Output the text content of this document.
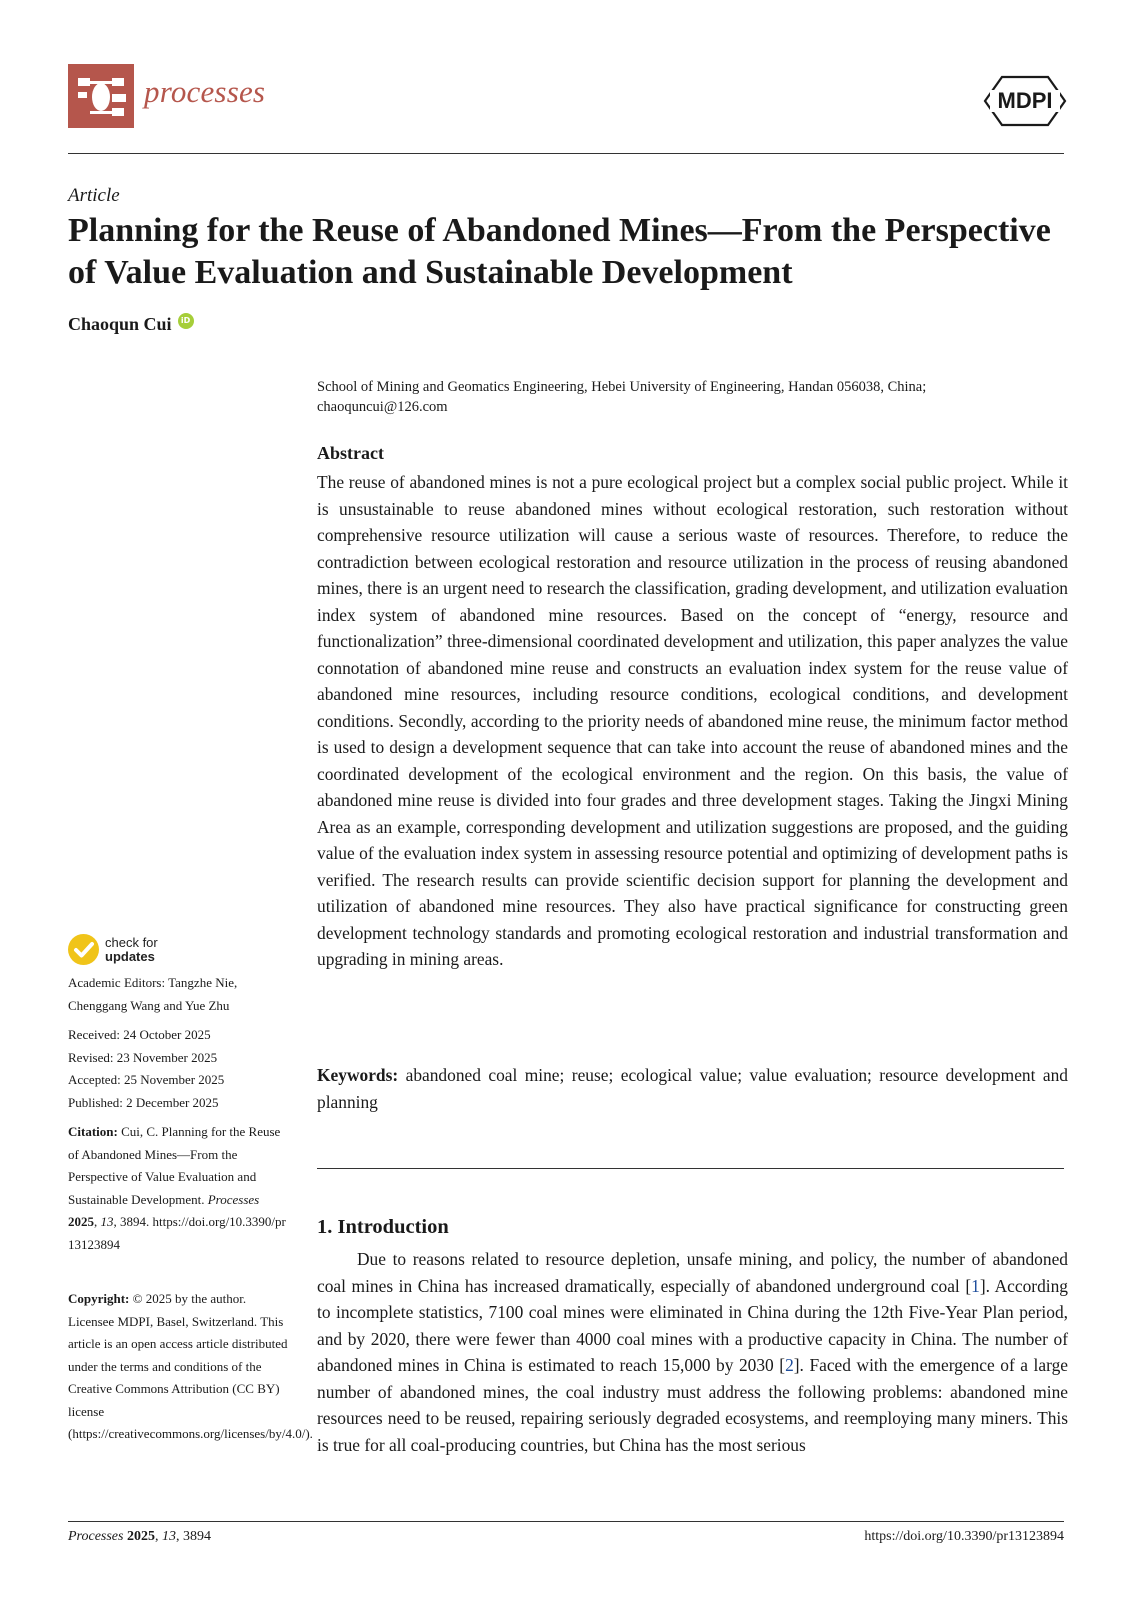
processes	MDPI
Article
Planning for the Reuse of Abandoned Mines—From the Perspective of Value Evaluation and Sustainable Development
Chaoqun Cui	iD
School of Mining and Geomatics Engineering, Hebei University of Engineering, Handan 056038, China;
chaoquncui@126.com
Abstract

The reuse of abandoned mines is not a pure ecological project but a complex social public project. While it is unsustainable to reuse abandoned mines without ecological restoration, such restoration without comprehensive resource utilization will cause a serious waste of resources. Therefore, to reduce the contradiction between ecological restoration and resource utilization in the process of reusing abandoned mines, there is an urgent need to research the classification, grading development, and utilization evaluation index system of abandoned mine resources. Based on the concept of “energy, resource and functionalization” three-dimensional coordinated development and utilization, this paper analyzes the value connotation of abandoned mine reuse and constructs an evaluation index system for the reuse value of abandoned mine resources, including resource conditions, ecological conditions, and development conditions. Secondly, according to the priority needs of abandoned mine reuse, the minimum factor method is used to design a development sequence that can take into account the reuse of abandoned mines and the coordinated development of the ecological environment and the region. On this basis, the value of abandoned mine reuse is divided into four grades and three development stages. Taking the Jingxi Mining Area as an example, corresponding development and utilization suggestions are proposed, and the guiding value of the evaluation index system in assessing resource potential and optimizing of development paths is verified. The research results can provide scientific decision support for planning the development and utilization of abandoned mine resources. They also have practical significance for constructing green development technology standards and promoting ecological restoration and industrial transformation and upgrading in mining areas.

Keywords: abandoned coal mine; reuse; ecological value; value evaluation; resource development and planning
1. Introduction

Due to reasons related to resource depletion, unsafe mining, and policy, the number of abandoned coal mines in China has increased dramatically, especially of abandoned underground coal [1]. According to incomplete statistics, 7100 coal mines were eliminated in China during the 12th Five-Year Plan period, and by 2020, there were fewer than 4000 coal mines with a productive capacity in China. The number of abandoned mines in China is estimated to reach 15,000 by 2030 [2]. Faced with the emergence of a large number of abandoned mines, the coal industry must address the following problems: abandoned mine resources need to be reused, repairing seriously degraded ecosystems, and reemploying many miners. This is true for all coal-producing countries, but China has the most serious

check for
updates

Academic Editors: Tangzhe Nie,

Chenggang Wang and Yue Zhu

Received: 24 October 2025

Revised: 23 November 2025

Accepted: 25 November 2025

Published: 2 December 2025

Citation: Cui, C. Planning for the Reuse of Abandoned Mines—From the Perspective of Value Evaluation and Sustainable Development. Processes 2025, 13, 3894. https://doi.org/10.3390/pr13123894

Copyright: © 2025 by the author. Licensee MDPI, Basel, Switzerland. This article is an open access article distributed under the terms and conditions of the Creative Commons Attribution (CC BY) license (https://creativecommons.org/licenses/by/4.0/).

Processes 2025, 13, 3894	https://doi.org/10.3390/pr13123894
